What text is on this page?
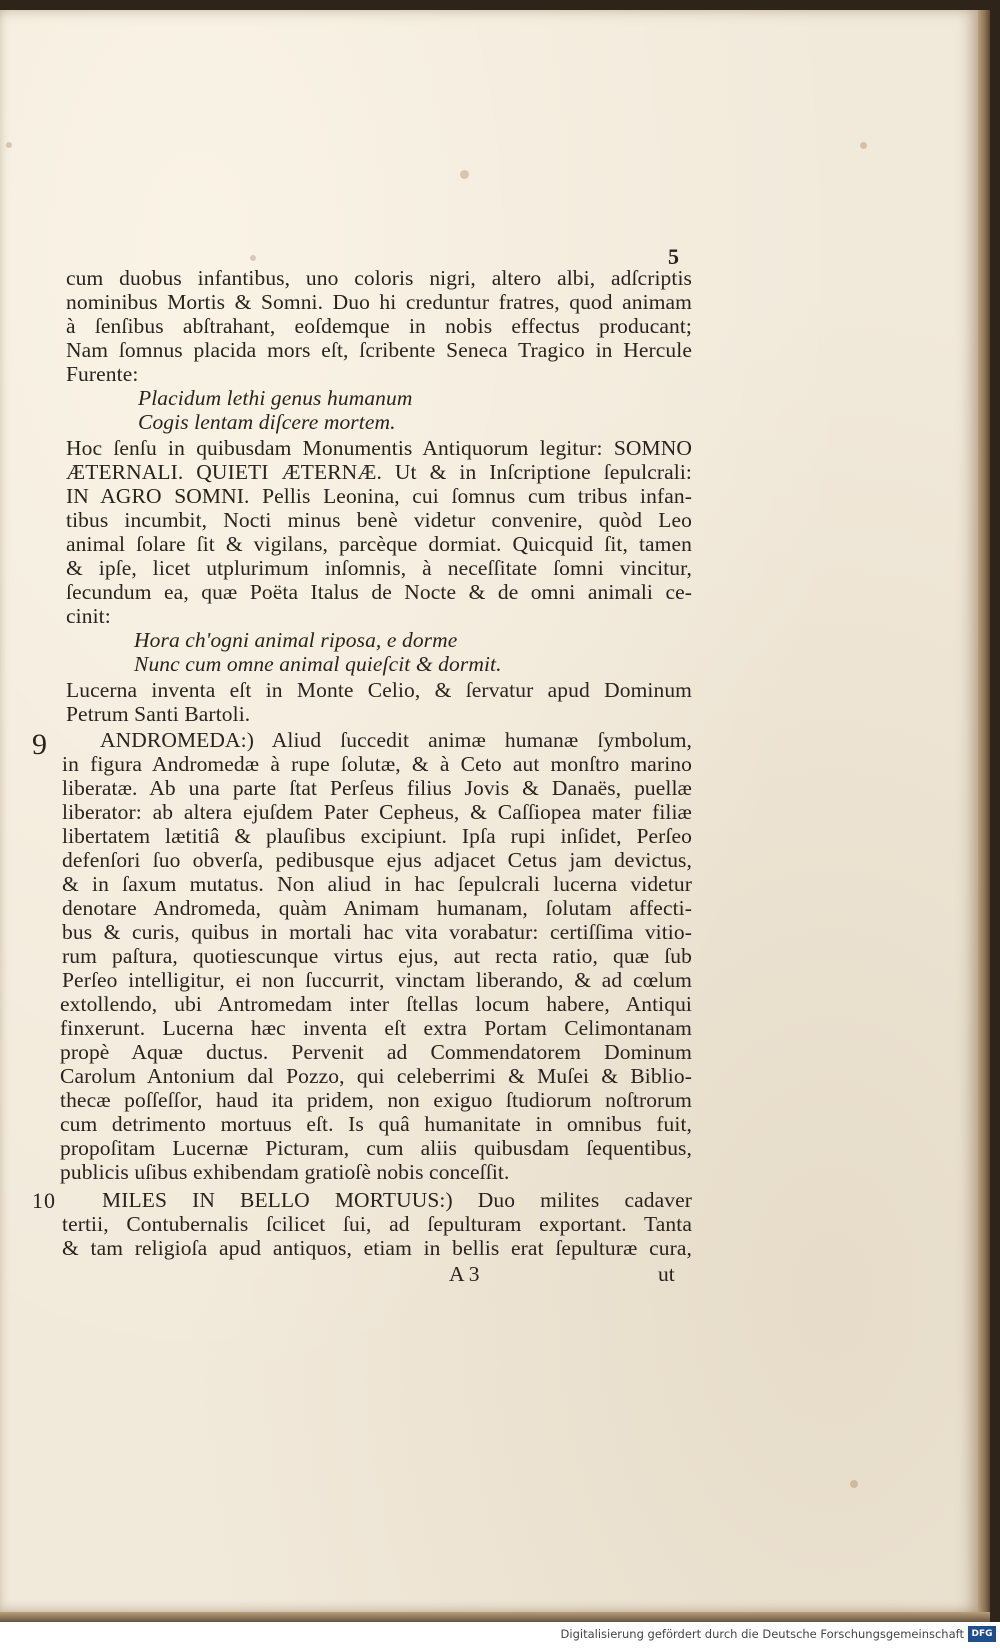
5
9
10
cum duobus infantibus, uno coloris nigri, altero albi, adſcriptis
nominibus Mortis & Somni. Duo hi creduntur fratres, quod animam
à ſenſibus abſtrahant, eoſdemque in nobis effectus producant;
Nam ſomnus placida mors eſt, ſcribente Seneca Tragico in Hercule
Furente:
Placidum lethi genus humanum
Cogis lentam diſcere mortem.
Hoc ſenſu in quibusdam Monumentis Antiquorum legitur: SOMNO
ÆTERNALI. QUIETI ÆTERNÆ. Ut & in Inſcriptione ſepulcrali:
IN AGRO SOMNI. Pellis Leonina, cui ſomnus cum tribus infan-
tibus incumbit, Nocti minus benè videtur convenire, quòd Leo
animal ſolare ſit & vigilans, parcèque dormiat. Quicquid ſit, tamen
& ipſe, licet utplurimum inſomnis, à neceſſitate ſomni vincitur,
ſecundum ea, quæ Poëta Italus de Nocte & de omni animali ce-
cinit:
Hora ch'ogni animal riposa, e dorme
Nunc cum omne animal quieſcit & dormit.
Lucerna inventa eſt in Monte Celio, & ſervatur apud Dominum
Petrum Santi Bartoli.
ANDROMEDA:) Aliud ſuccedit animæ humanæ ſymbolum,
in figura Andromedæ à rupe ſolutæ, & à Ceto aut monſtro marino
liberatæ. Ab una parte ſtat Perſeus filius Jovis & Danaës, puellæ
liberator: ab altera ejuſdem Pater Cepheus, & Caſſiopea mater filiæ
libertatem lætitiâ & plauſibus excipiunt. Ipſa rupi inſidet, Perſeo
defenſori ſuo obverſa, pedibusque ejus adjacet Cetus jam devictus,
& in ſaxum mutatus. Non aliud in hac ſepulcrali lucerna videtur
denotare Andromeda, quàm Animam humanam, ſolutam affecti-
bus & curis, quibus in mortali hac vita vorabatur: certiſſima vitio-
rum paſtura, quotiescunque virtus ejus, aut recta ratio, quæ ſub
Perſeo intelligitur, ei non ſuccurrit, vinctam liberando, & ad cœlum
extollendo, ubi Antromedam inter ſtellas locum habere, Antiqui
finxerunt. Lucerna hæc inventa eſt extra Portam Celimontanam
propè Aquæ ductus. Pervenit ad Commendatorem Dominum
Carolum Antonium dal Pozzo, qui celeberrimi & Muſei & Biblio-
thecæ poſſeſſor, haud ita pridem, non exiguo ſtudiorum noſtrorum
cum detrimento mortuus eſt. Is quâ humanitate in omnibus fuit,
propoſitam Lucernæ Picturam, cum aliis quibusdam ſequentibus,
publicis uſibus exhibendam gratioſè nobis conceſſit.
MILES IN BELLO MORTUUS:) Duo milites cadaver
tertii, Contubernalis ſcilicet ſui, ad ſepulturam exportant. Tanta
& tam religioſa apud antiquos, etiam in bellis erat ſepulturæ cura,
A 3	ut
Digitalisierung gefördert durch die Deutsche Forschungsgemeinschaft DFG
